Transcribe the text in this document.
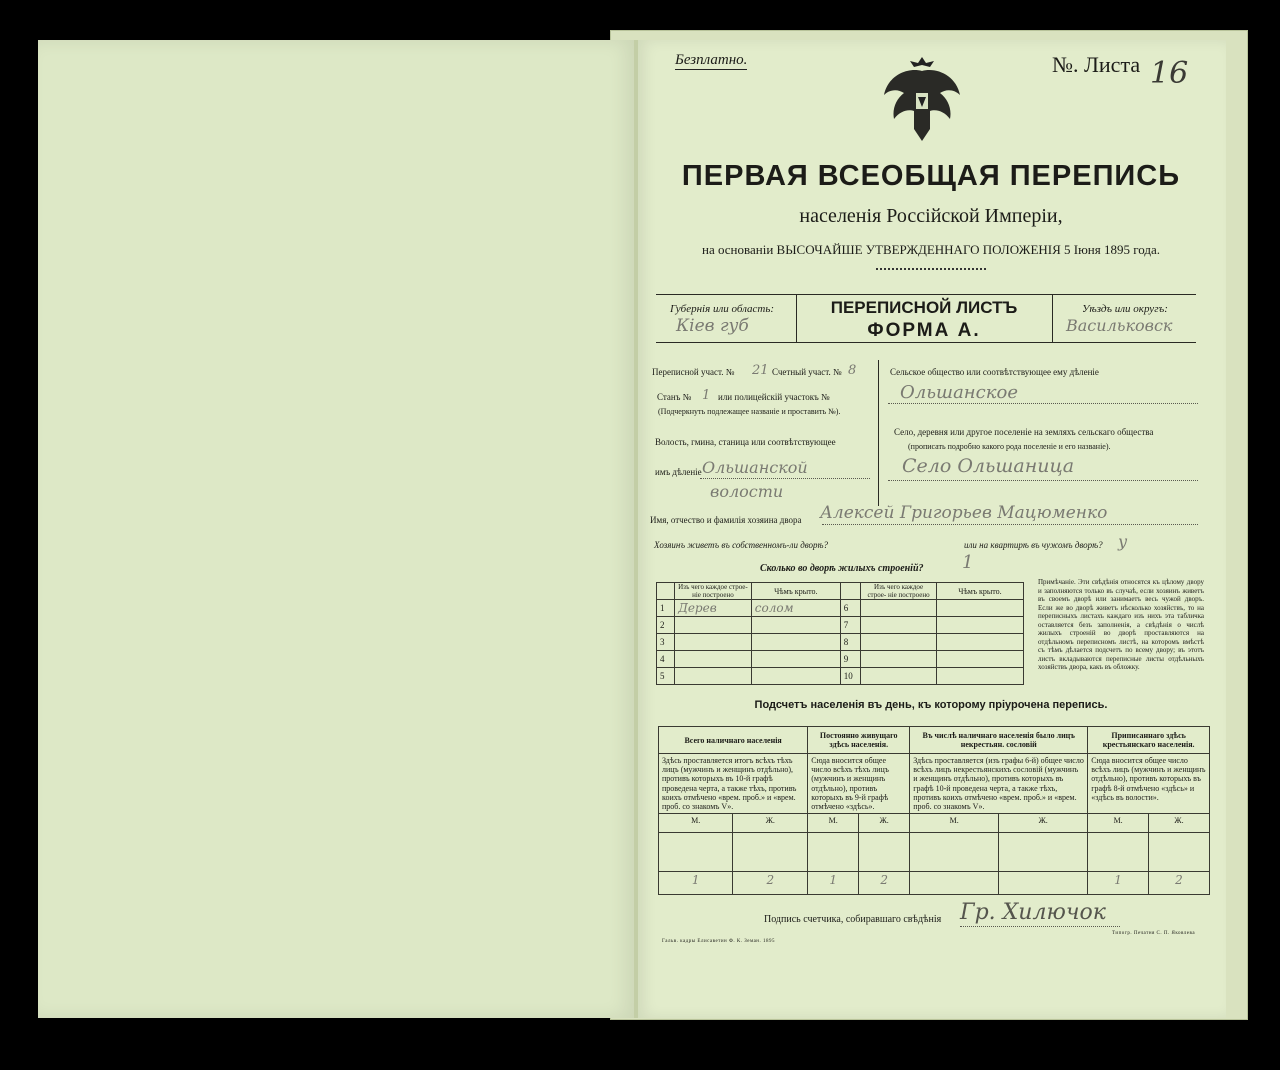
Безплатно.	№. Листа 16
ПЕРВАЯ ВСЕОБЩАЯ ПЕРЕПИСЬ
населенія Россійской Имперіи,
на основаніи ВЫСОЧАЙШЕ УТВЕРЖДЕННАГО ПОЛОЖЕНІЯ 5 Іюня 1895 года.
Губернія или область:
Кiев губ
ПЕРЕПИСНОЙ ЛИСТЪ
ФОРМА А.
Уѣздъ или округъ:
Васильковск
Переписной участ. № 21 Счетный участ. № 8
Станъ № 1 или полицейскій участокъ №
(Подчеркнуть подлежащее названіе и проставить №).
Волость, гмина, станица или соотвѣтствующее
имъ дѣленіе Ольшанской
волости
Сельское общество или соотвѣтствующее ему дѣленіе
Ольшанское
Село, деревня или другое поселеніе на земляхъ сельскаго общества
(прописать подробно какого рода поселеніе и его названіе).
Село Ольшаница
Имя, отчество и фамилія хозяина двора Алексей Григорьев Мацюменко
Хозяинъ живетъ въ собственномъ-ли дворѣ?	или на квартирѣ въ чужомъ дворѣ? у
Сколько во дворѣ жилыхъ строеній? 1
	Изъ чего каждое строе- ніе построено	Чѣмъ крыто.		Изъ чего каждое строе- ніе построено	Чѣмъ крыто.
1	Дерев	солом	6		
2			7		
3			8		
4			9		
5			10		
Примѣчаніе. Эти свѣдѣнія относятся къ цѣлому двору и заполняются только въ случаѣ, если хозяинъ живетъ въ своемъ дворѣ или занимаетъ весь чужой дворъ. Если же во дворѣ живетъ нѣсколько хозяйствъ, то на переписныхъ листахъ каждаго изъ нихъ эта табличка оставляется безъ заполненія, а свѣдѣнія о числѣ жилыхъ строеній во дворѣ проставляются на отдѣльномъ переписномъ листѣ, на которомъ вмѣстѣ съ тѣмъ дѣлается подсчетъ по всему двору; въ этотъ листъ вкладываются переписные листы отдѣльныхъ хозяйствъ двора, какъ въ обложку.
Подсчетъ населенія въ день, къ которому пріурочена перепись.
Всего наличнаго населенія		Постоянно живущаго здѣсь населенія.		Въ числѣ наличнаго населенія было лицъ некрестьян. сословій		Приписаннаго здѣсь крестьянскаго населенія.	
Здѣсь проставляется итогъ всѣхъ тѣхъ лицъ (мужчинъ и женщинъ отдѣльно), противъ которыхъ въ 10-й графѣ проведена черта, а также тѣхъ, противъ коихъ отмѣчено «врем. проб.» и «врем. проб. со знакомъ V».		Сюда вносится общее число всѣхъ тѣхъ лицъ (мужчинъ и женщинъ отдѣльно), противъ которыхъ въ 9-й графѣ отмѣчено «здѣсь».		Здѣсь проставляется (изъ графы 6-й) общее число всѣхъ лицъ некрестьянскихъ сословій (мужчинъ и женщинъ отдѣльно), противъ которыхъ въ графѣ 10-й проведена черта, а также тѣхъ, противъ коихъ отмѣчено «врем. проб.» и «врем. проб. со знакомъ V».		Сюда вносится общее число всѣхъ лицъ (мужчинъ и женщинъ отдѣльно), противъ которыхъ въ графѣ 8-й отмѣчено «здѣсь» и «здѣсь въ волости».	
М.	Ж.	М.	Ж.	М.	Ж.	М.	Ж.

1	2	1	2			1	2
Подпись счетчика, собиравшаго свѣдѣнія Гр. Хилючок
Гальв. кадры Елисаветин Ф. К. Земан. 1895
Типогр. Печатня С. П. Яковлева
